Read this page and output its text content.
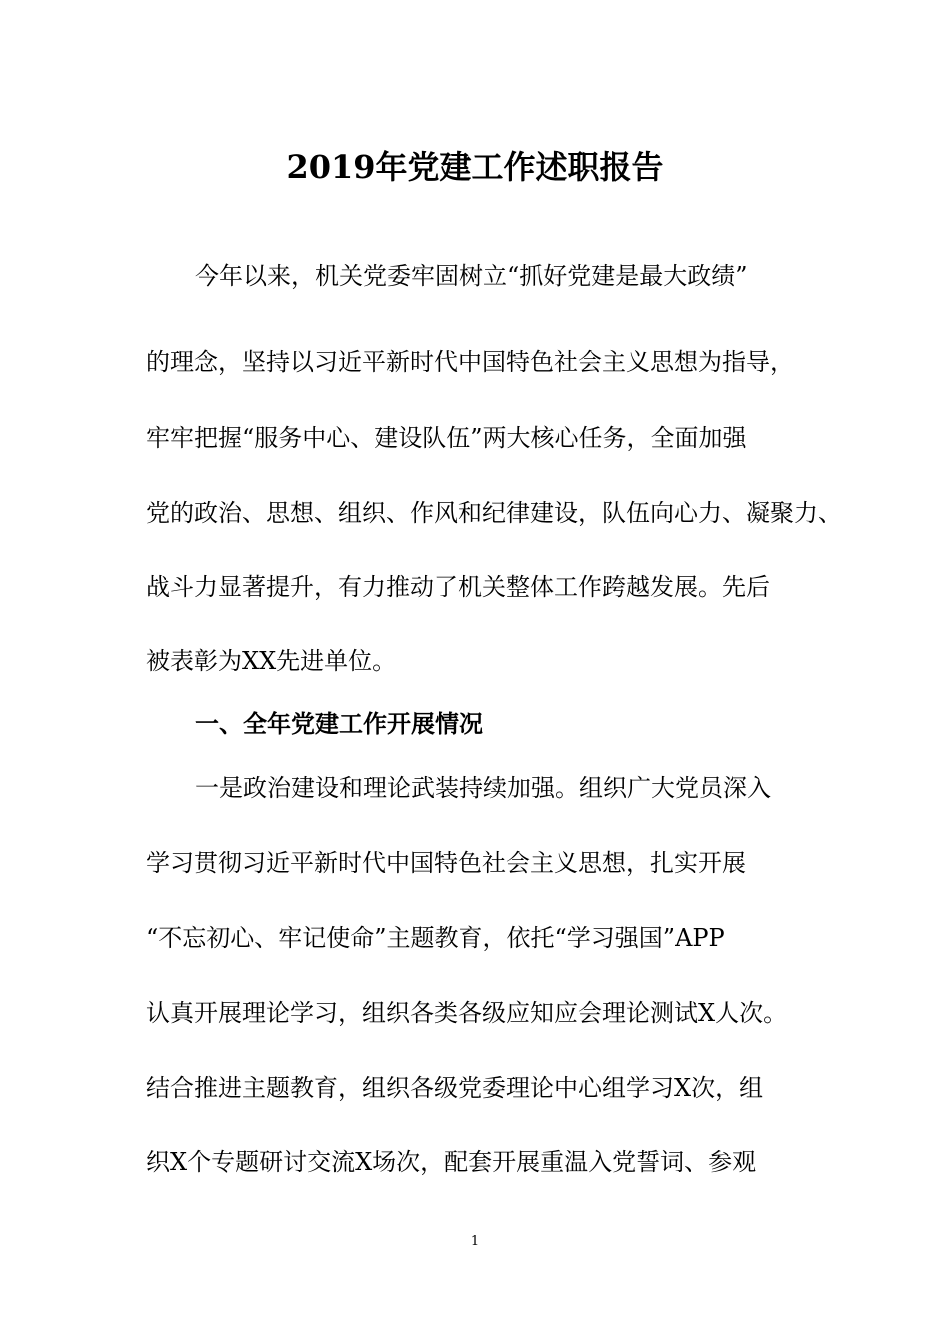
2019年党建工作述职报告

今年以来，机关党委牢固树立“抓好党建是最大政绩”

的理念，坚持以习近平新时代中国特色社会主义思想为指导，

牢牢把握“服务中心、建设队伍”两大核心任务，全面加强

党的政治、思想、组织、作风和纪律建设，队伍向心力、凝聚力、

战斗力显著提升，有力推动了机关整体工作跨越发展。先后

被表彰为XX先进单位。

一、全年党建工作开展情况

一是政治建设和理论武装持续加强。组织广大党员深入

学习贯彻习近平新时代中国特色社会主义思想，扎实开展

“不忘初心、牢记使命”主题教育，依托“学习强国”APP

认真开展理论学习，组织各类各级应知应会理论测试X人次。

结合推进主题教育，组织各级党委理论中心组学习X次，组

织X个专题研讨交流X场次，配套开展重温入党誓词、参观

1
